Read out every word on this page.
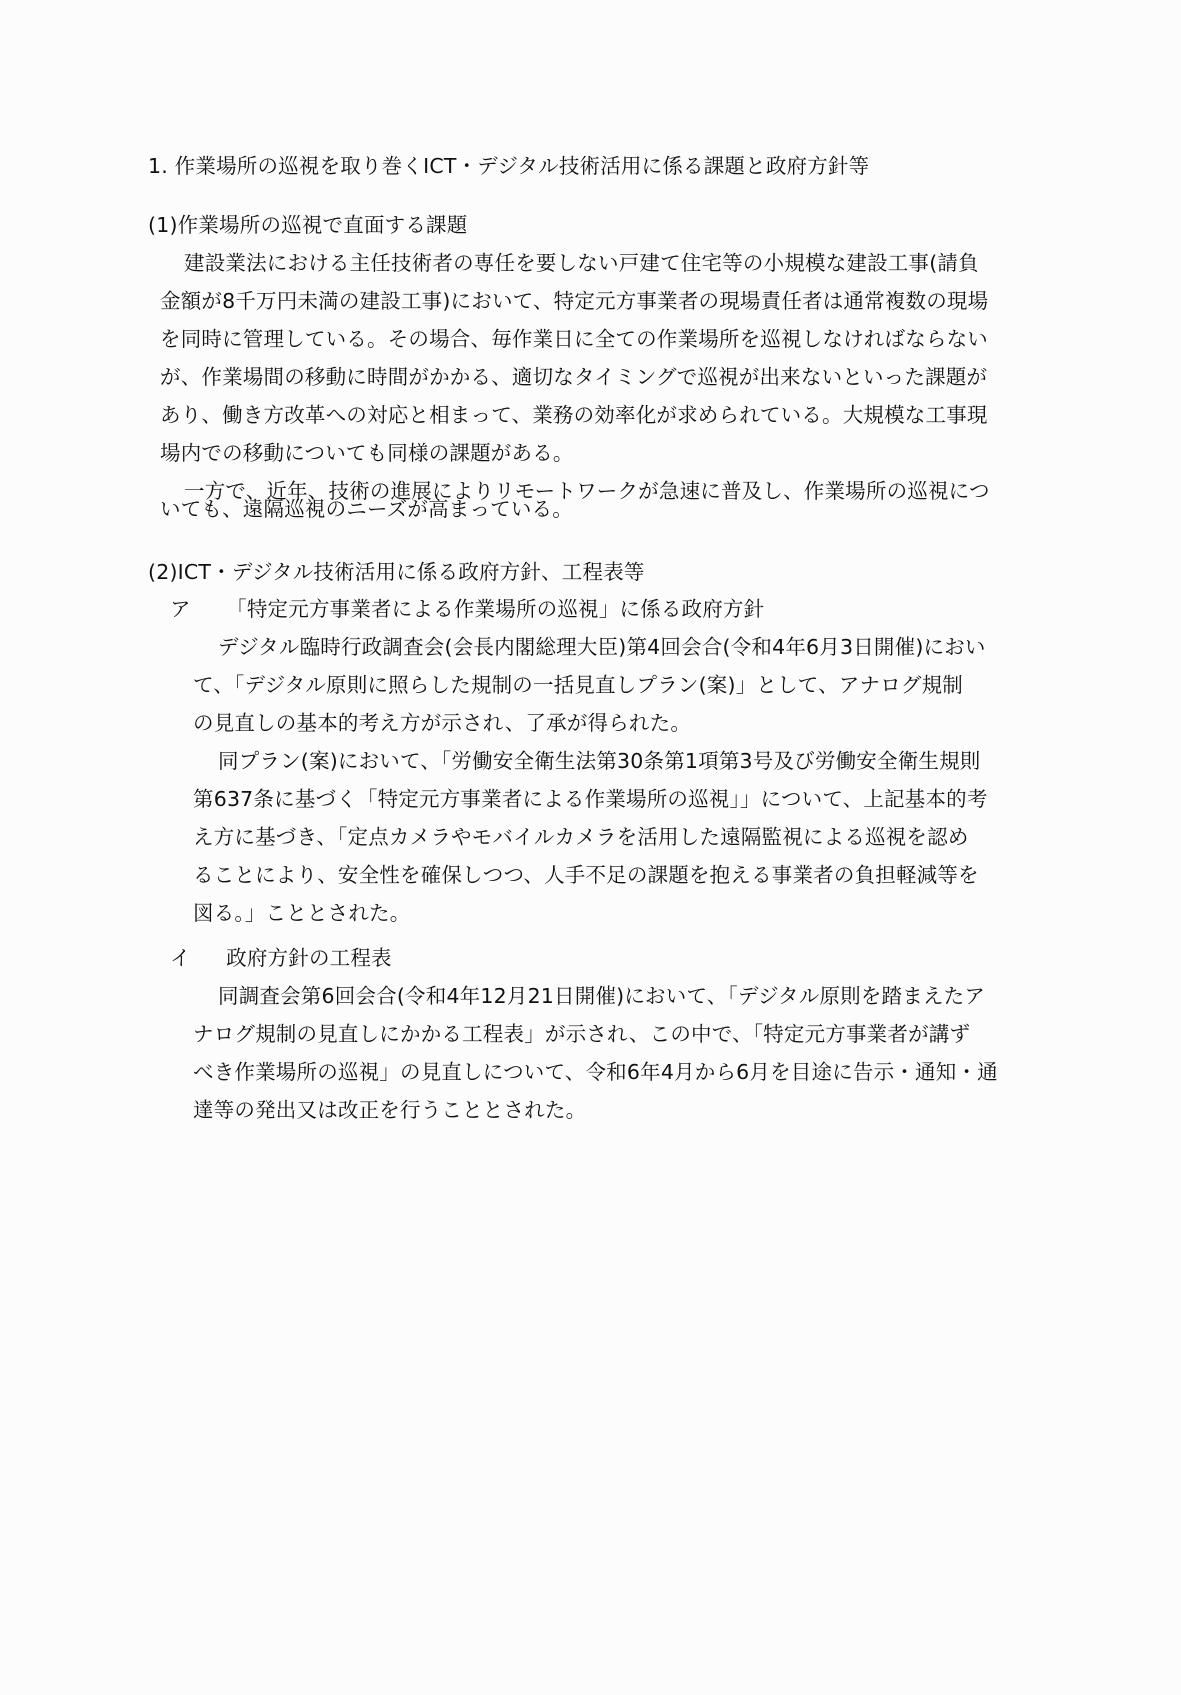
1. 作業場所の巡視を取り巻くICT・デジタル技術活用に係る課題と政府方針等
(1)作業場所の巡視で直面する課題
建設業法における主任技術者の専任を要しない戸建て住宅等の小規模な建設工事(請負
金額が8千万円未満の建設工事)において、特定元方事業者の現場責任者は通常複数の現場
を同時に管理している。その場合、毎作業日に全ての作業場所を巡視しなければならない
が、作業場間の移動に時間がかかる、適切なタイミングで巡視が出来ないといった課題が
あり、働き方改革への対応と相まって、業務の効率化が求められている。大規模な工事現
場内での移動についても同様の課題がある。
一方で、近年、技術の進展によりリモートワークが急速に普及し、作業場所の巡視につ
いても、遠隔巡視のニーズが高まっている。
(2)ICT・デジタル技術活用に係る政府方針、工程表等
ア 「特定元方事業者による作業場所の巡視」に係る政府方針
デジタル臨時行政調査会(会長内閣総理大臣)第4回会合(令和4年6月3日開催)におい
て、「デジタル原則に照らした規制の一括見直しプラン(案)」として、アナログ規制
の見直しの基本的考え方が示され、了承が得られた。
同プラン(案)において、「労働安全衛生法第30条第1項第3号及び労働安全衛生規則
第637条に基づく「特定元方事業者による作業場所の巡視」」について、上記基本的考
え方に基づき、「定点カメラやモバイルカメラを活用した遠隔監視による巡視を認め
ることにより、安全性を確保しつつ、人手不足の課題を抱える事業者の負担軽減等を
図る。」こととされた。
イ 政府方針の工程表
同調査会第6回会合(令和4年12月21日開催)において、「デジタル原則を踏まえたア
ナログ規制の見直しにかかる工程表」が示され、この中で、「特定元方事業者が講ず
べき作業場所の巡視」の見直しについて、令和6年4月から6月を目途に告示・通知・通
達等の発出又は改正を行うこととされた。
